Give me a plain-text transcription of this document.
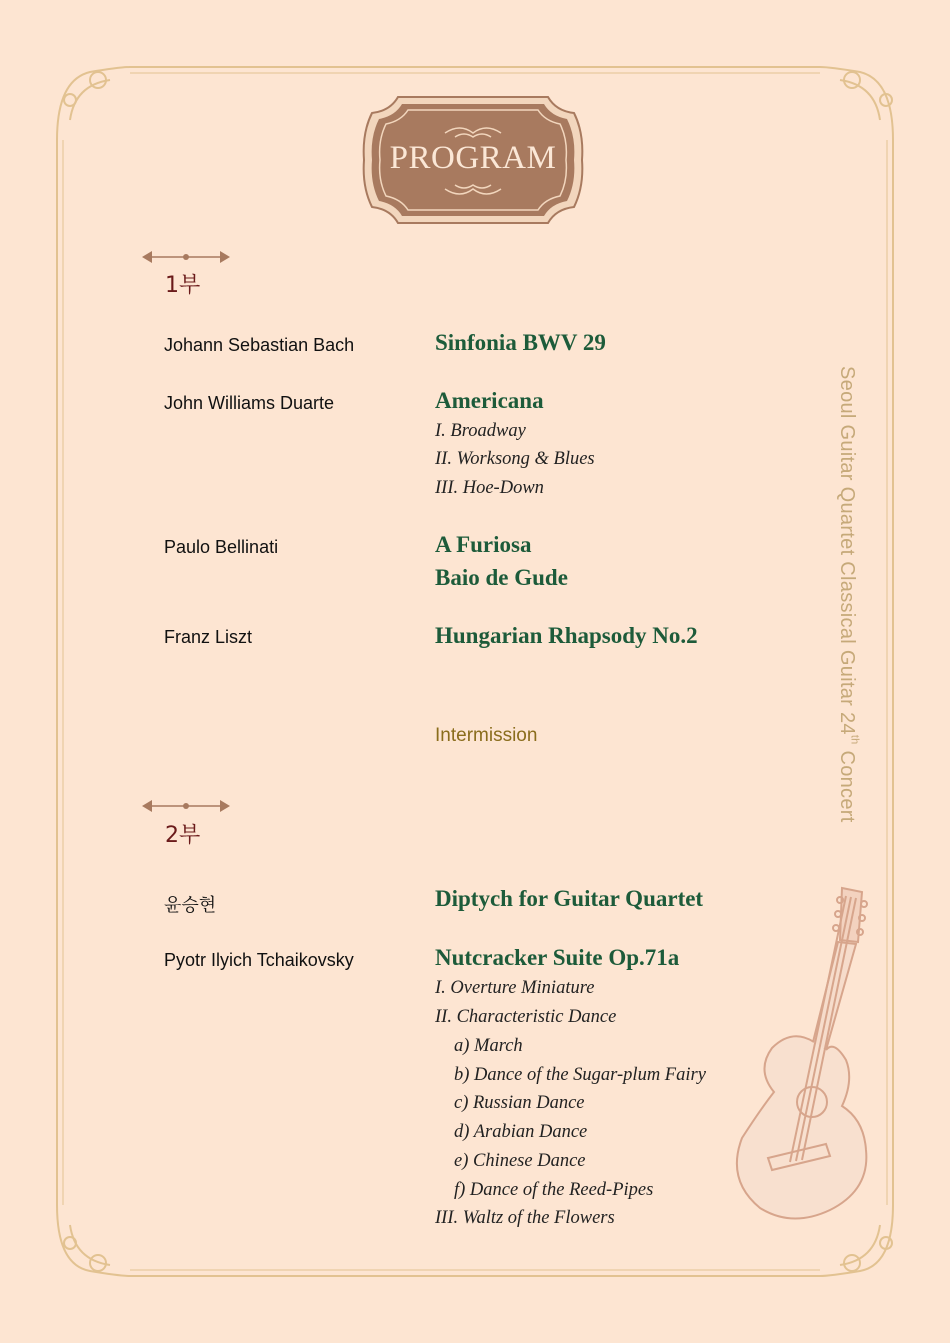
PROGRAM
1부
Johann Sebastian Bach	Sinfonia BWV 29
John Williams Duarte	Americana
I. Broadway
II. Worksong & Blues
III. Hoe-Down
Paulo Bellinati	A Furiosa
Baio de Gude
Franz Liszt	Hungarian Rhapsody No.2
Intermission
2부
윤승현	Diptych for Guitar Quartet
Pyotr Ilyich Tchaikovsky	Nutcracker Suite Op.71a
I. Overture Miniature
II. Characteristic Dance
a) March
b) Dance of the Sugar-plum Fairy
c) Russian Dance
d) Arabian Dance
e) Chinese Dance
f) Dance of the Reed-Pipes
III. Waltz of the Flowers
Seoul Guitar Quartet Classical Guitar 24th Concert
